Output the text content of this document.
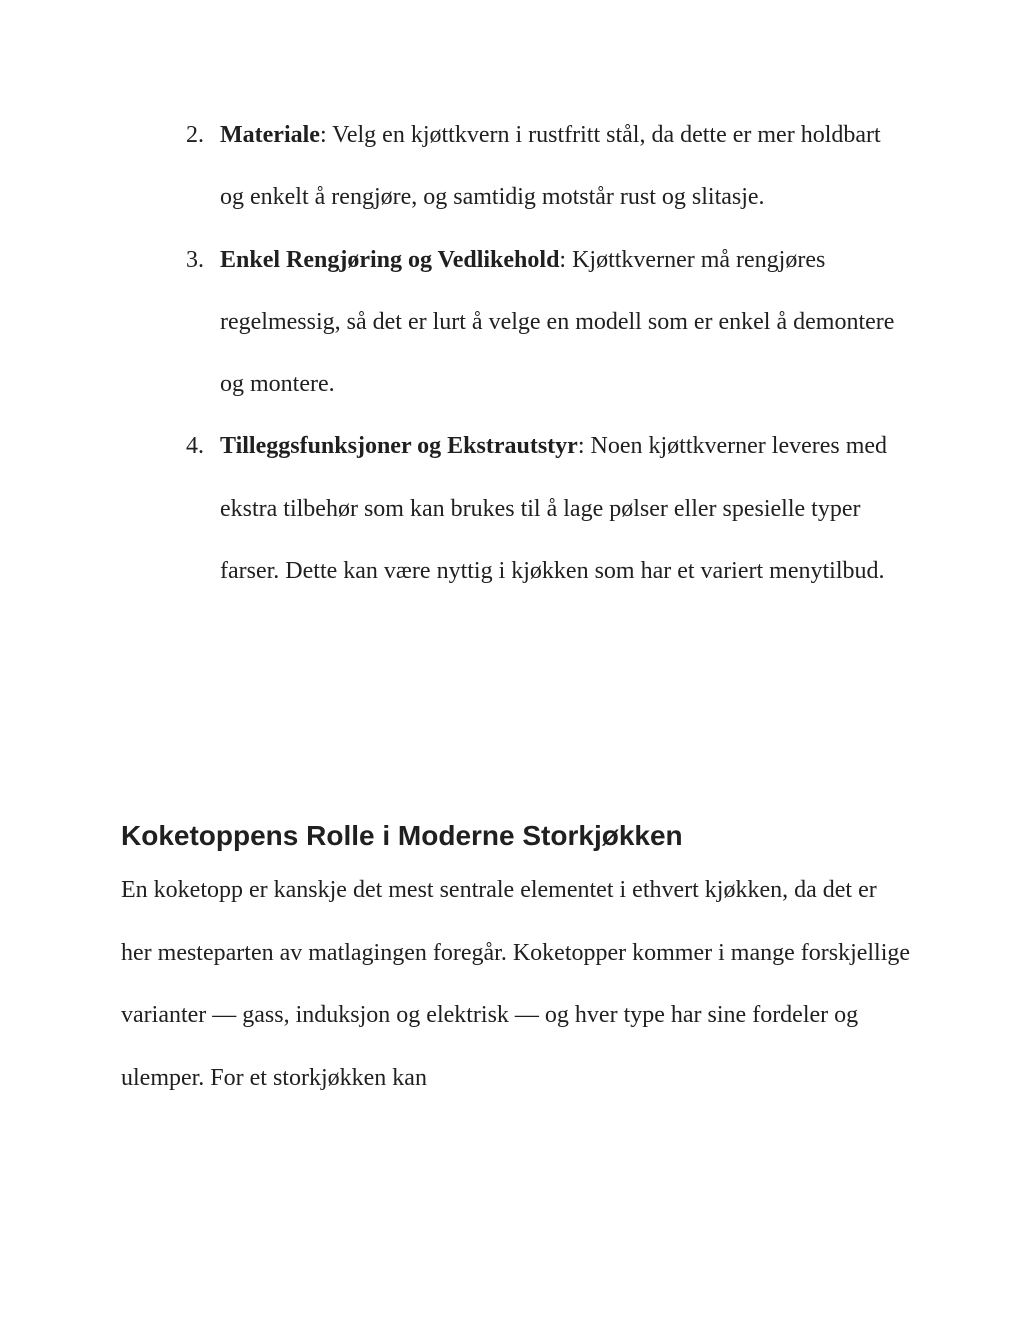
2. Materiale: Velg en kjøttkvern i rustfritt stål, da dette er mer holdbart og enkelt å rengjøre, og samtidig motstår rust og slitasje.
3. Enkel Rengjøring og Vedlikehold: Kjøttkverner må rengjøres regelmessig, så det er lurt å velge en modell som er enkel å demontere og montere.
4. Tilleggsfunksjoner og Ekstrautstyr: Noen kjøttkverner leveres med ekstra tilbehør som kan brukes til å lage pølser eller spesielle typer farser. Dette kan være nyttig i kjøkken som har et variert menytilbud.
Koketoppens Rolle i Moderne Storkjøkken

En koketopp er kanskje det mest sentrale elementet i ethvert kjøkken, da det er her mesteparten av matlagingen foregår. Koketopper kommer i mange forskjellige varianter — gass, induksjon og elektrisk — og hver type har sine fordeler og ulemper. For et storkjøkken kan
